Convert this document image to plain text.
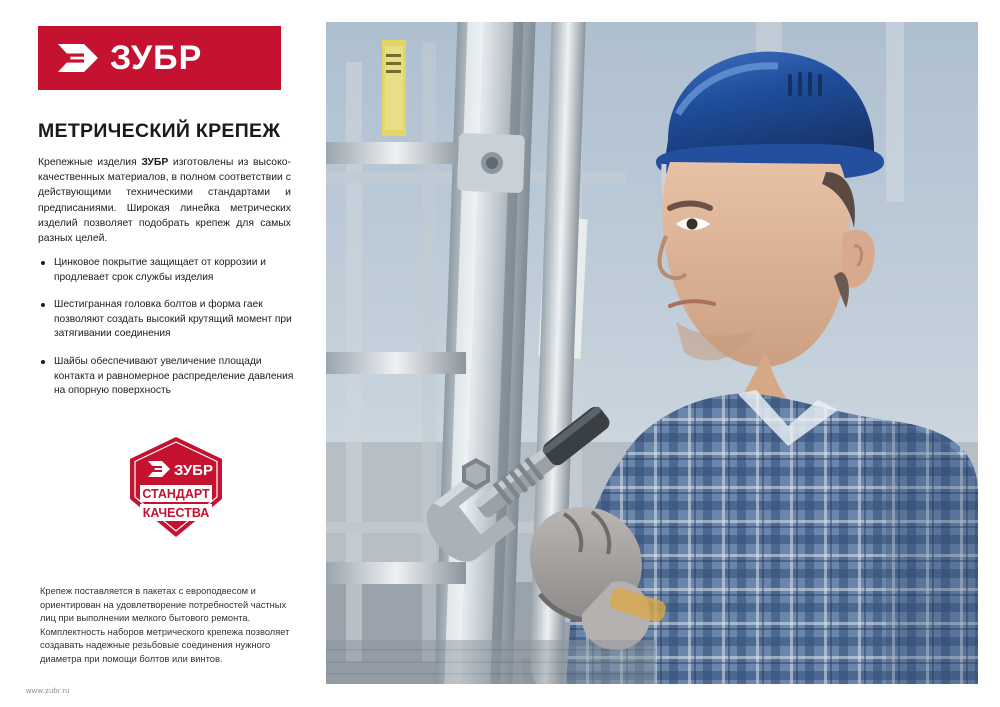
ЗУБР
МЕТРИЧЕСКИЙ КРЕПЕЖ
Крепежные изделия ЗУБР изготовлены из высоко-качественных материалов, в полном соответствии с действующими техническими стандартами и предписаниями. Широкая линейка метрических изделий позволяет подобрать крепеж для самых разных целей.
Цинковое покрытие защищает от коррозии и продлевает срок службы изделия
Шестигранная головка болтов и форма гаек позволяют создать высокий крутящий момент при затягивании соединения
Шайбы обеспечивают увеличение площади контакта и равномерное распределение давления на опорную поверхность
ЗУБР
СТАНДАРТ
КАЧЕСТВА
Крепеж поставляется в пакетах с европодвесом и ориентирован на удовлетворение потребностей частных лиц при выполнении мелкого бытового ремонта. Комплектность наборов метрического крепежа позволяет создавать надежные резьбовые соединения нужного диаметра при помощи болтов или винтов.
www.zubr.ru
